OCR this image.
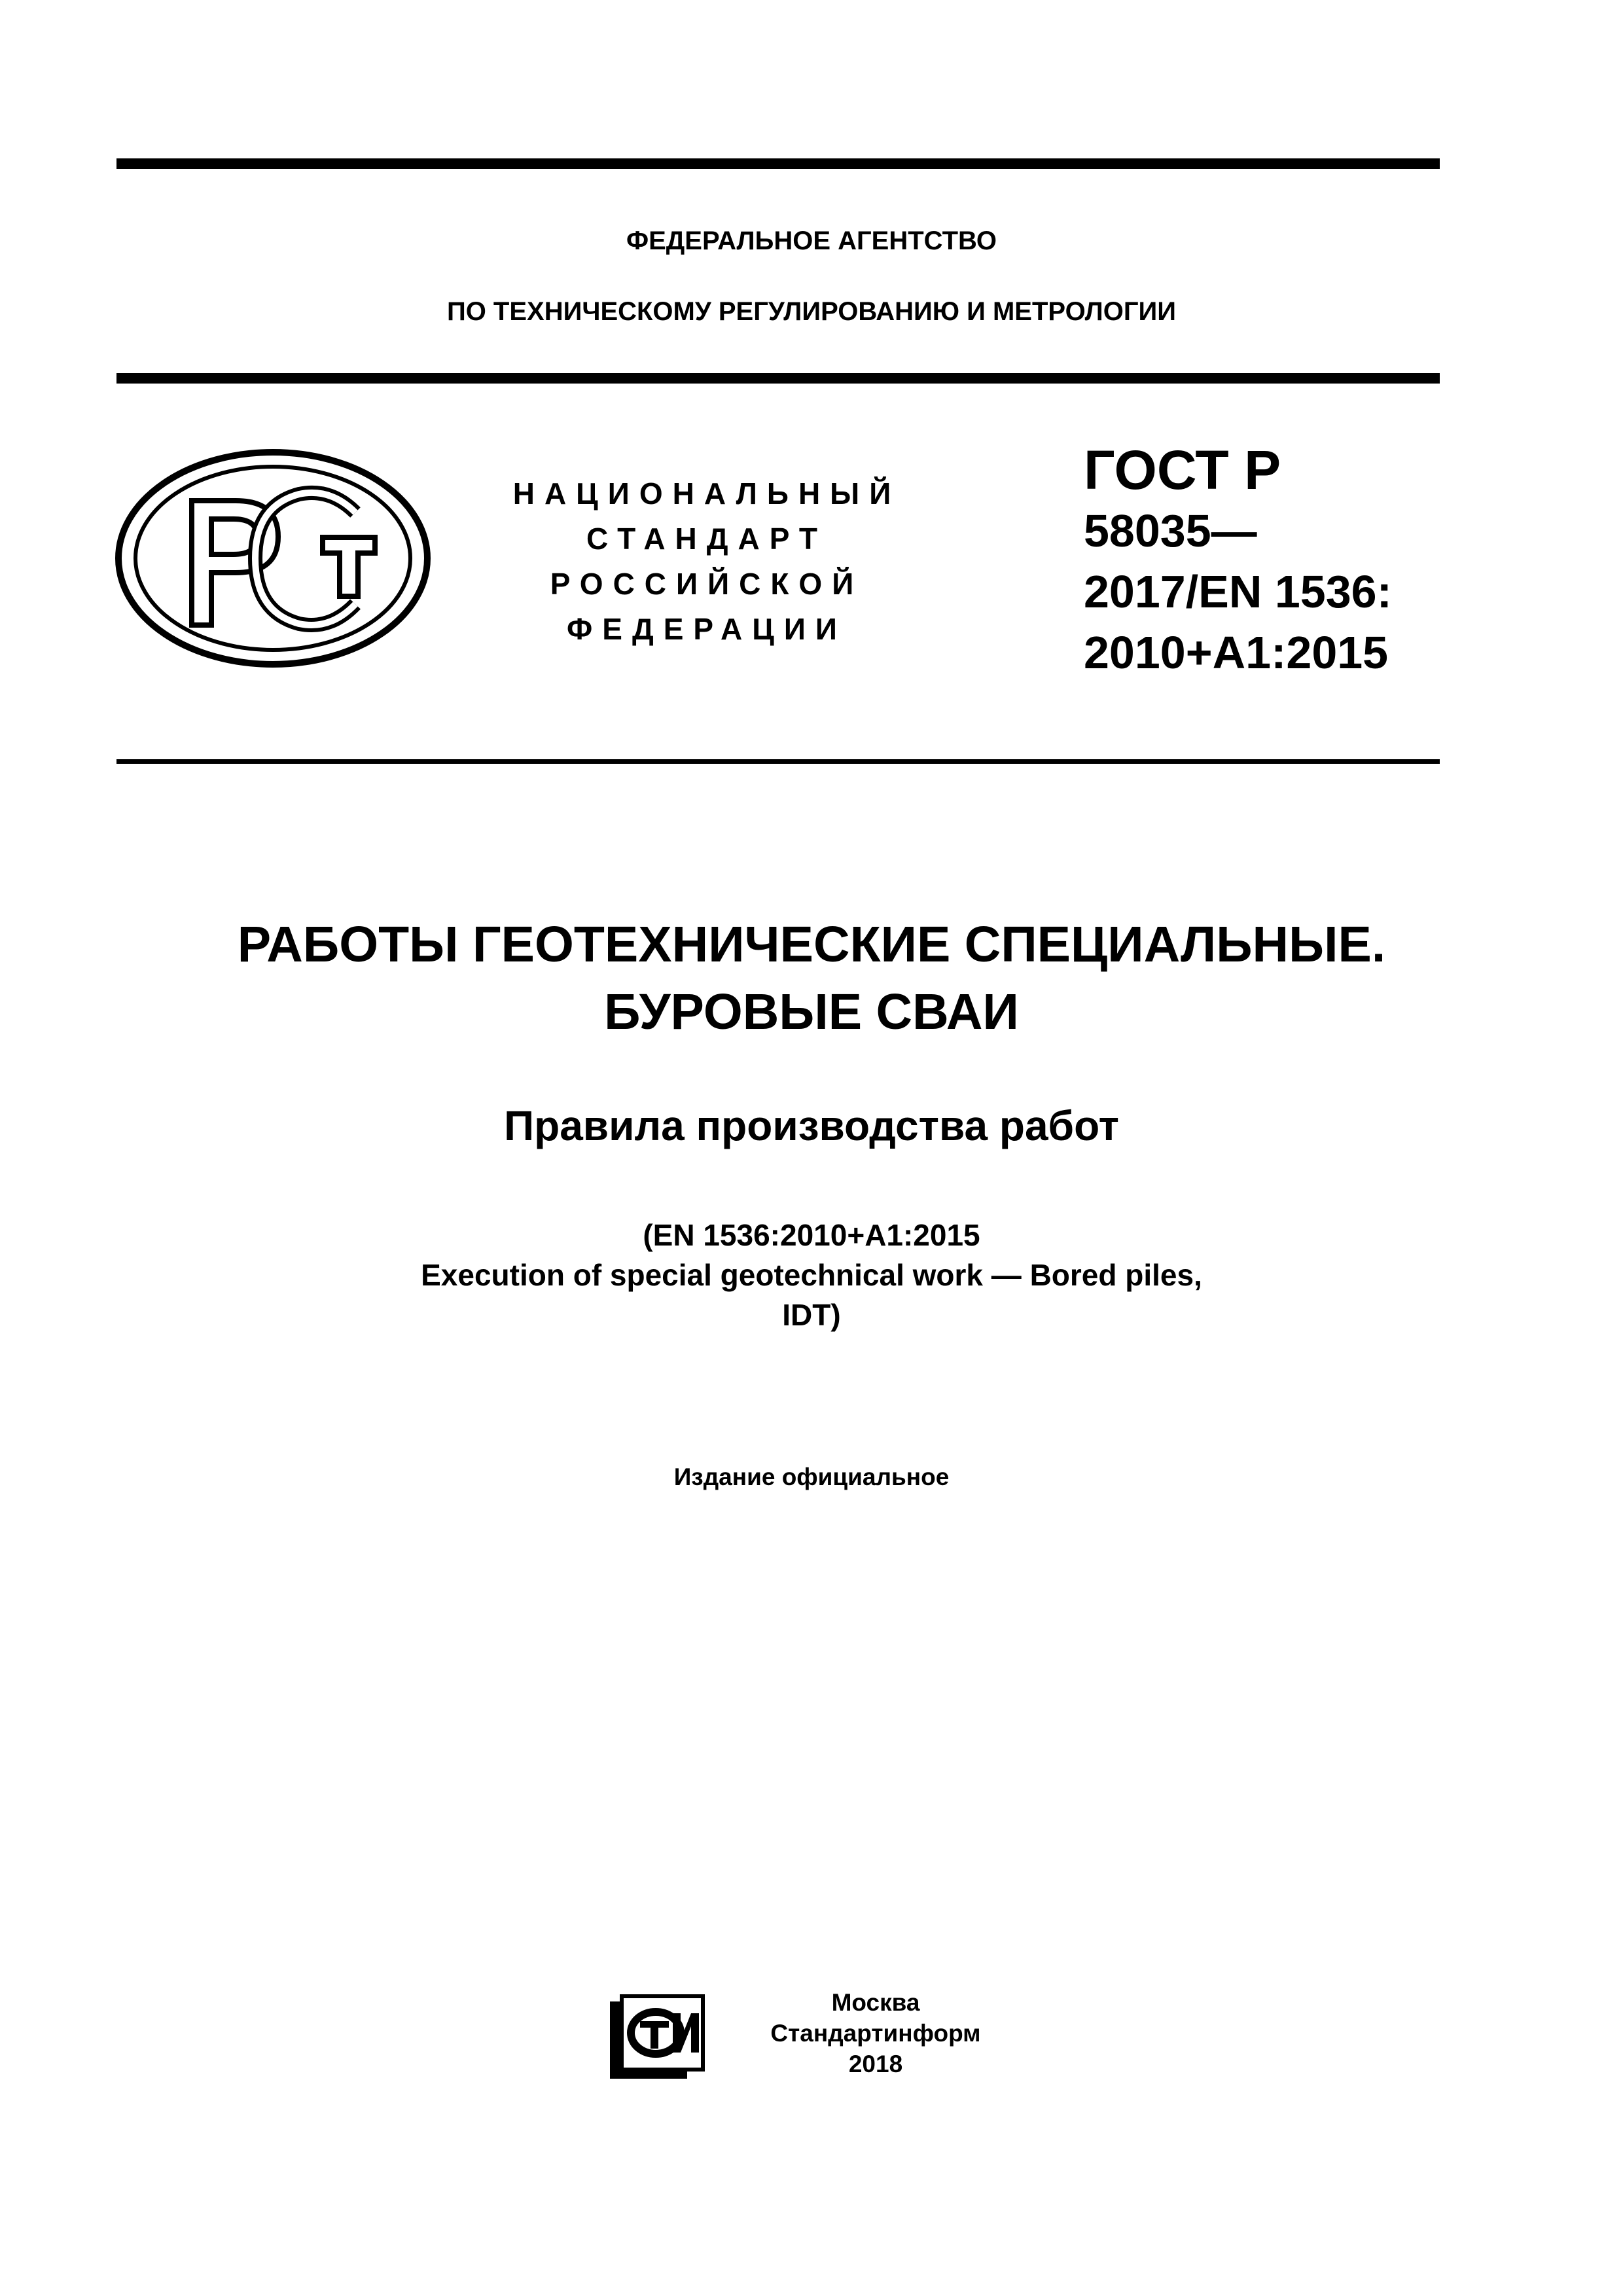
ФЕДЕРАЛЬНОЕ АГЕНТСТВО
ПО ТЕХНИЧЕСКОМУ РЕГУЛИРОВАНИЮ И МЕТРОЛОГИИ
НАЦИОНАЛЬНЫЙ
СТАНДАРТ
РОССИЙСКОЙ
ФЕДЕРАЦИИ
ГОСТ Р
58035—
2017/EN 1536:
2010+A1:2015
РАБОТЫ ГЕОТЕХНИЧЕСКИЕ СПЕЦИАЛЬНЫЕ.
БУРОВЫЕ СВАИ
Правила производства работ
(EN 1536:2010+A1:2015
Execution of special geotechnical work — Bored piles,
IDT)
Издание официальное
Москва
Стандартинформ
2018
